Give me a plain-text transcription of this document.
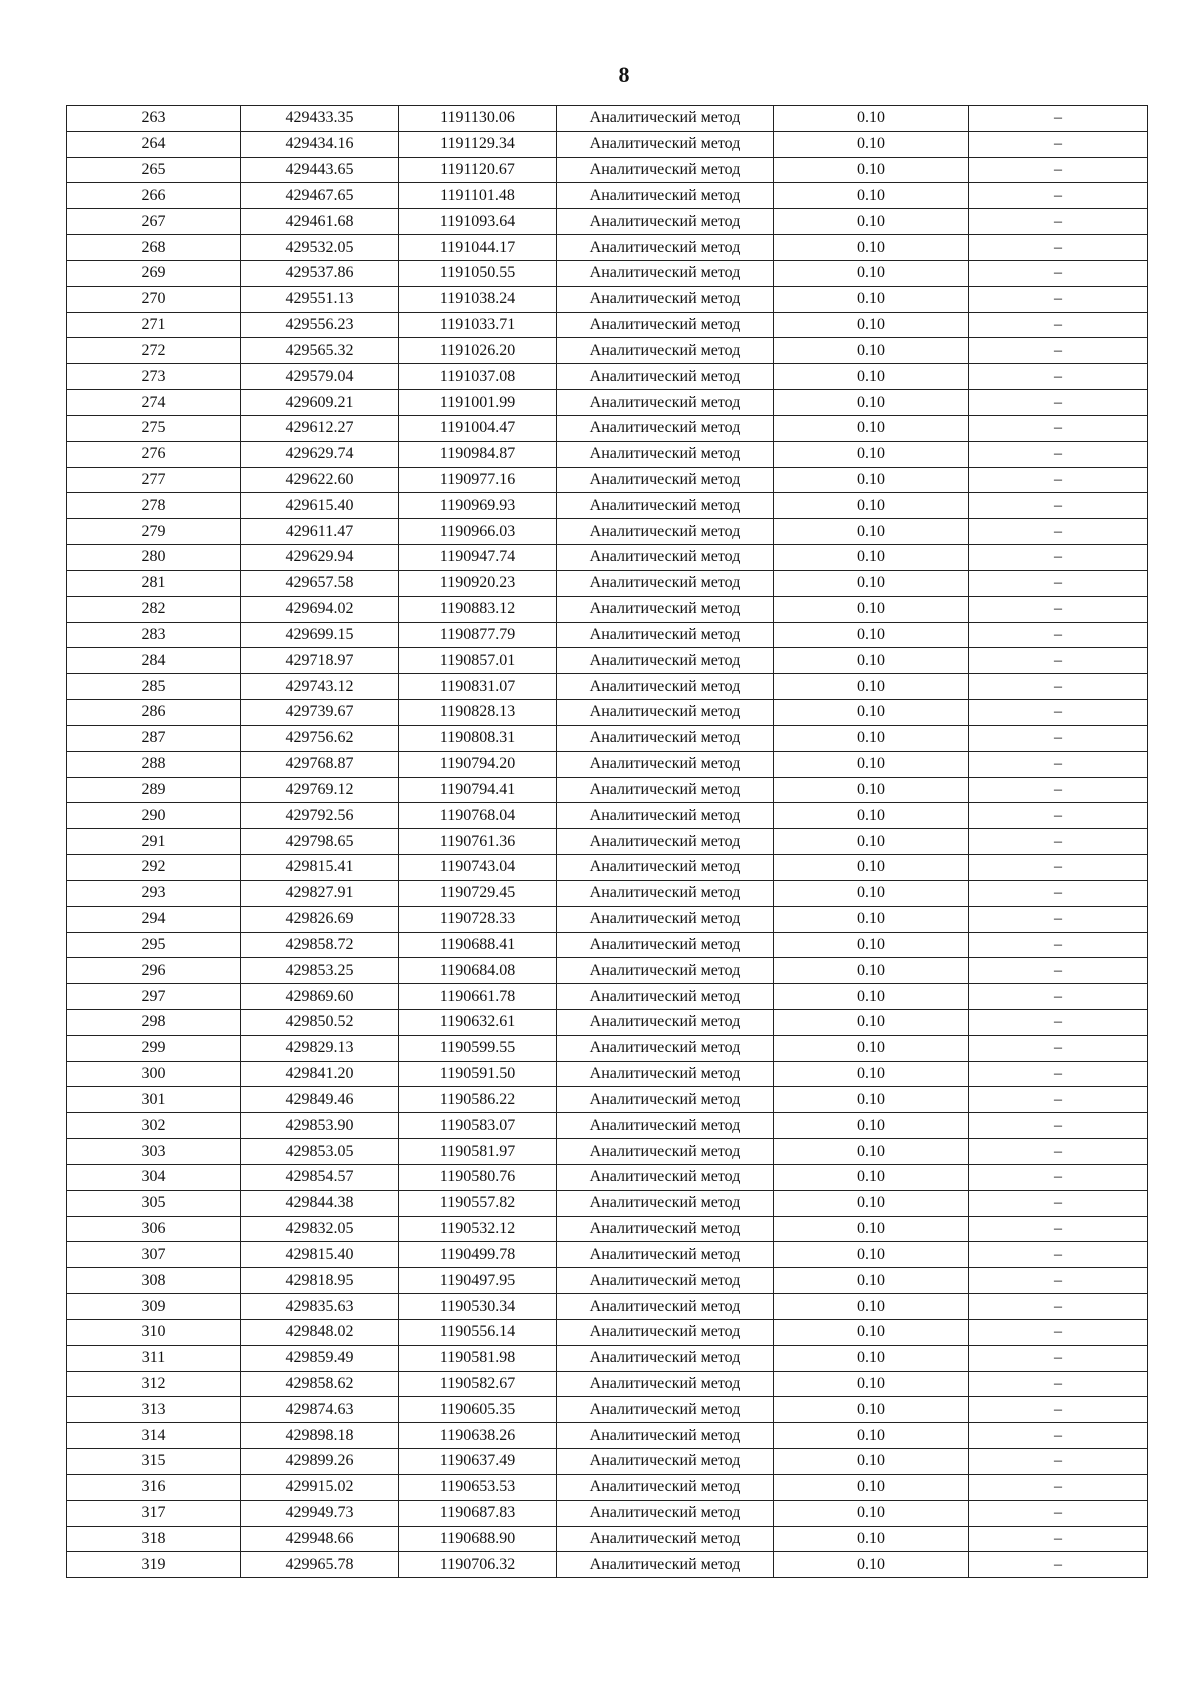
8
263	429433.35	1191130.06	Аналитический метод	0.10	–
264	429434.16	1191129.34	Аналитический метод	0.10	–
265	429443.65	1191120.67	Аналитический метод	0.10	–
266	429467.65	1191101.48	Аналитический метод	0.10	–
267	429461.68	1191093.64	Аналитический метод	0.10	–
268	429532.05	1191044.17	Аналитический метод	0.10	–
269	429537.86	1191050.55	Аналитический метод	0.10	–
270	429551.13	1191038.24	Аналитический метод	0.10	–
271	429556.23	1191033.71	Аналитический метод	0.10	–
272	429565.32	1191026.20	Аналитический метод	0.10	–
273	429579.04	1191037.08	Аналитический метод	0.10	–
274	429609.21	1191001.99	Аналитический метод	0.10	–
275	429612.27	1191004.47	Аналитический метод	0.10	–
276	429629.74	1190984.87	Аналитический метод	0.10	–
277	429622.60	1190977.16	Аналитический метод	0.10	–
278	429615.40	1190969.93	Аналитический метод	0.10	–
279	429611.47	1190966.03	Аналитический метод	0.10	–
280	429629.94	1190947.74	Аналитический метод	0.10	–
281	429657.58	1190920.23	Аналитический метод	0.10	–
282	429694.02	1190883.12	Аналитический метод	0.10	–
283	429699.15	1190877.79	Аналитический метод	0.10	–
284	429718.97	1190857.01	Аналитический метод	0.10	–
285	429743.12	1190831.07	Аналитический метод	0.10	–
286	429739.67	1190828.13	Аналитический метод	0.10	–
287	429756.62	1190808.31	Аналитический метод	0.10	–
288	429768.87	1190794.20	Аналитический метод	0.10	–
289	429769.12	1190794.41	Аналитический метод	0.10	–
290	429792.56	1190768.04	Аналитический метод	0.10	–
291	429798.65	1190761.36	Аналитический метод	0.10	–
292	429815.41	1190743.04	Аналитический метод	0.10	–
293	429827.91	1190729.45	Аналитический метод	0.10	–
294	429826.69	1190728.33	Аналитический метод	0.10	–
295	429858.72	1190688.41	Аналитический метод	0.10	–
296	429853.25	1190684.08	Аналитический метод	0.10	–
297	429869.60	1190661.78	Аналитический метод	0.10	–
298	429850.52	1190632.61	Аналитический метод	0.10	–
299	429829.13	1190599.55	Аналитический метод	0.10	–
300	429841.20	1190591.50	Аналитический метод	0.10	–
301	429849.46	1190586.22	Аналитический метод	0.10	–
302	429853.90	1190583.07	Аналитический метод	0.10	–
303	429853.05	1190581.97	Аналитический метод	0.10	–
304	429854.57	1190580.76	Аналитический метод	0.10	–
305	429844.38	1190557.82	Аналитический метод	0.10	–
306	429832.05	1190532.12	Аналитический метод	0.10	–
307	429815.40	1190499.78	Аналитический метод	0.10	–
308	429818.95	1190497.95	Аналитический метод	0.10	–
309	429835.63	1190530.34	Аналитический метод	0.10	–
310	429848.02	1190556.14	Аналитический метод	0.10	–
311	429859.49	1190581.98	Аналитический метод	0.10	–
312	429858.62	1190582.67	Аналитический метод	0.10	–
313	429874.63	1190605.35	Аналитический метод	0.10	–
314	429898.18	1190638.26	Аналитический метод	0.10	–
315	429899.26	1190637.49	Аналитический метод	0.10	–
316	429915.02	1190653.53	Аналитический метод	0.10	–
317	429949.73	1190687.83	Аналитический метод	0.10	–
318	429948.66	1190688.90	Аналитический метод	0.10	–
319	429965.78	1190706.32	Аналитический метод	0.10	–
